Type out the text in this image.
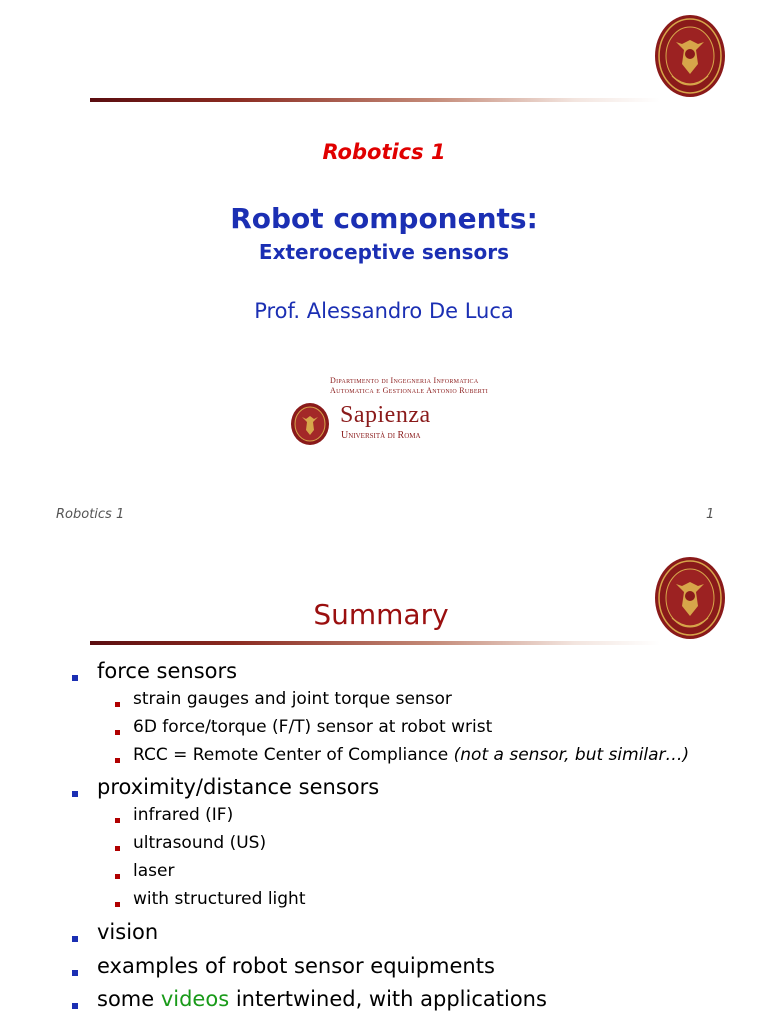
Robotics 1
Robot components:
Exteroceptive sensors
Prof. Alessandro De Luca
Dipartimento di Ingegneria Informatica
Automatica e Gestionale Antonio Ruberti
Sapienza
Università di Roma
Robotics 1	1
Summary
force sensors
strain gauges and joint torque sensor
6D force/torque (F/T) sensor at robot wrist
RCC = Remote Center of Compliance (not a sensor, but similar…)
proximity/distance sensors
infrared (IF)
ultrasound (US)
laser
with structured light
vision
examples of robot sensor equipments
some videos intertwined, with applications
